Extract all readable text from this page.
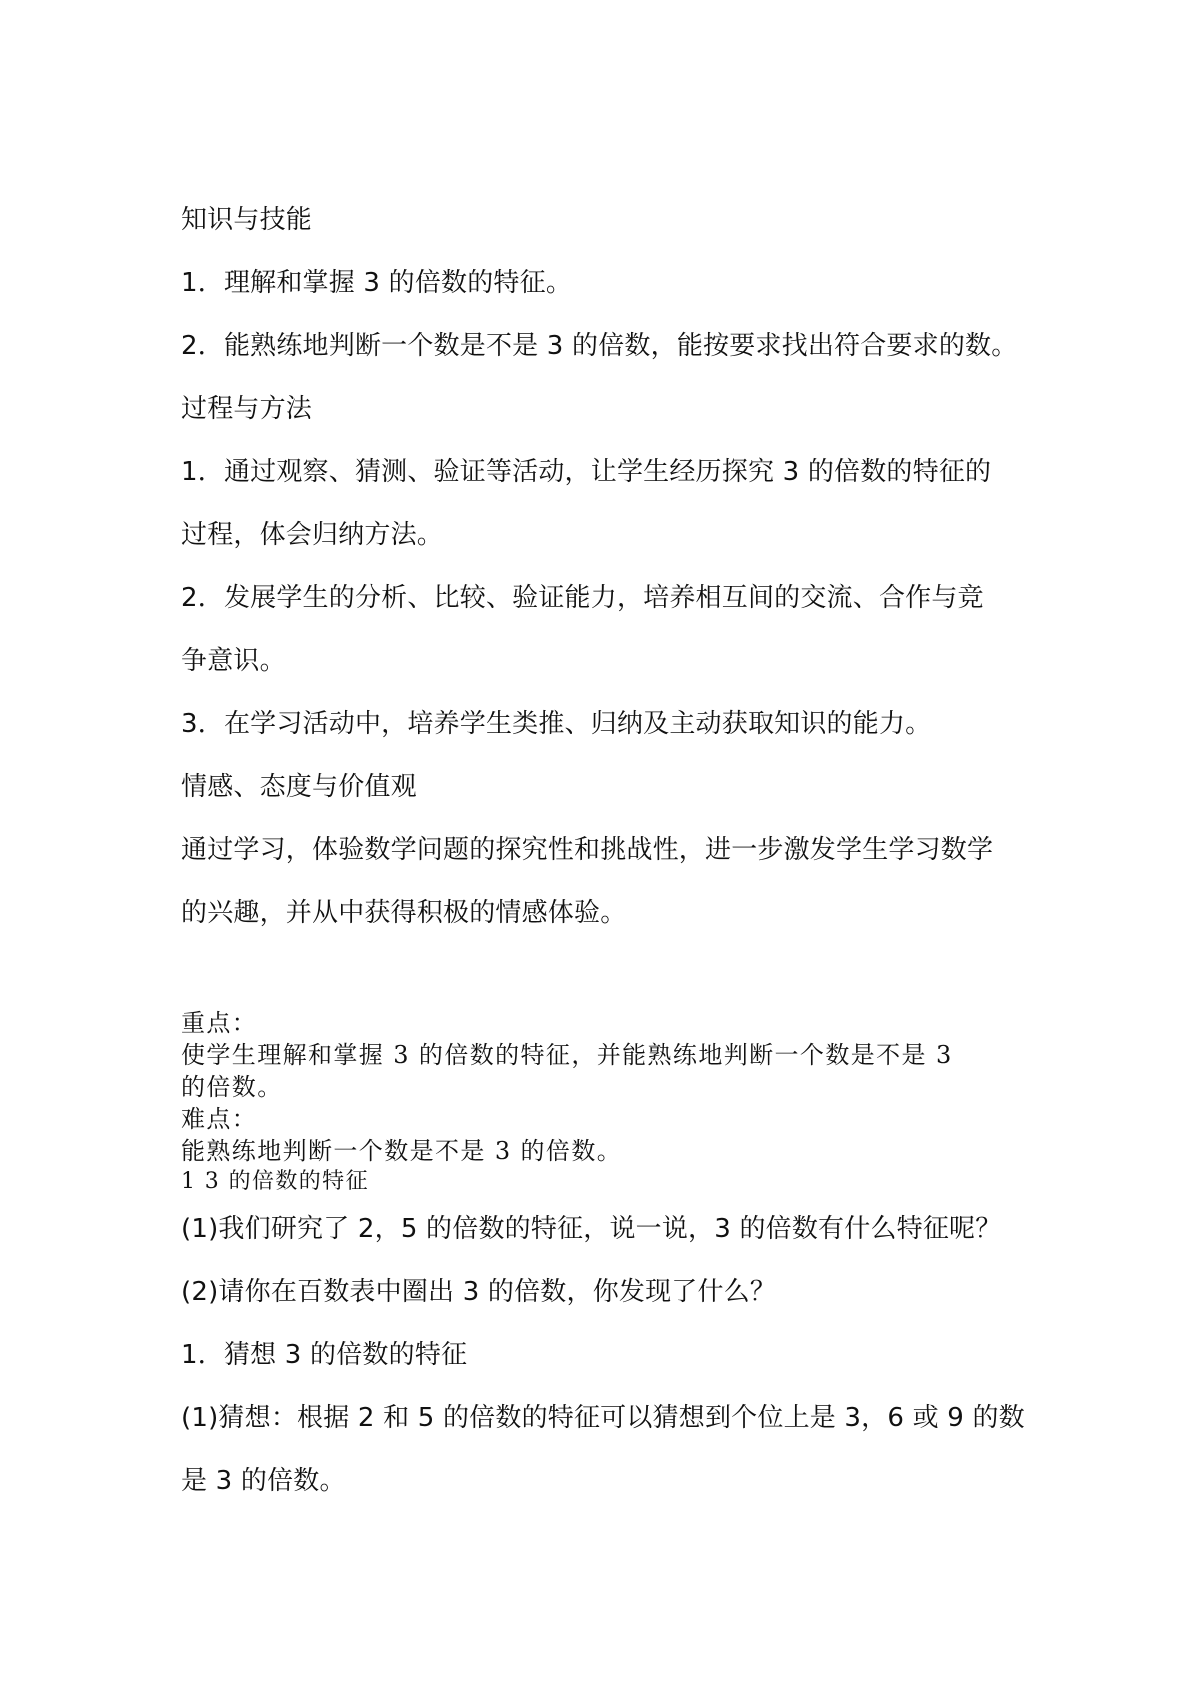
知识与技能
1．理解和掌握 3 的倍数的特征。
2．能熟练地判断一个数是不是 3 的倍数，能按要求找出符合要求的数。
过程与方法
1．通过观察、猜测、验证等活动，让学生经历探究 3 的倍数的特征的
过程，体会归纳方法。
2．发展学生的分析、比较、验证能力，培养相互间的交流、合作与竞
争意识。
3．在学习活动中，培养学生类推、归纳及主动获取知识的能力。
情感、态度与价值观
通过学习，体验数学问题的探究性和挑战性，进一步激发学生学习数学
的兴趣，并从中获得积极的情感体验。
重点：
使学生理解和掌握 3 的倍数的特征，并能熟练地判断一个数是不是 3
的倍数。
难点：
能熟练地判断一个数是不是 3 的倍数。
1 3 的倍数的特征
(1)我们研究了 2，5 的倍数的特征，说一说，3 的倍数有什么特征呢？
(2)请你在百数表中圈出 3 的倍数，你发现了什么？
1．猜想 3 的倍数的特征
(1)猜想：根据 2 和 5 的倍数的特征可以猜想到个位上是 3，6 或 9 的数
是 3 的倍数。
